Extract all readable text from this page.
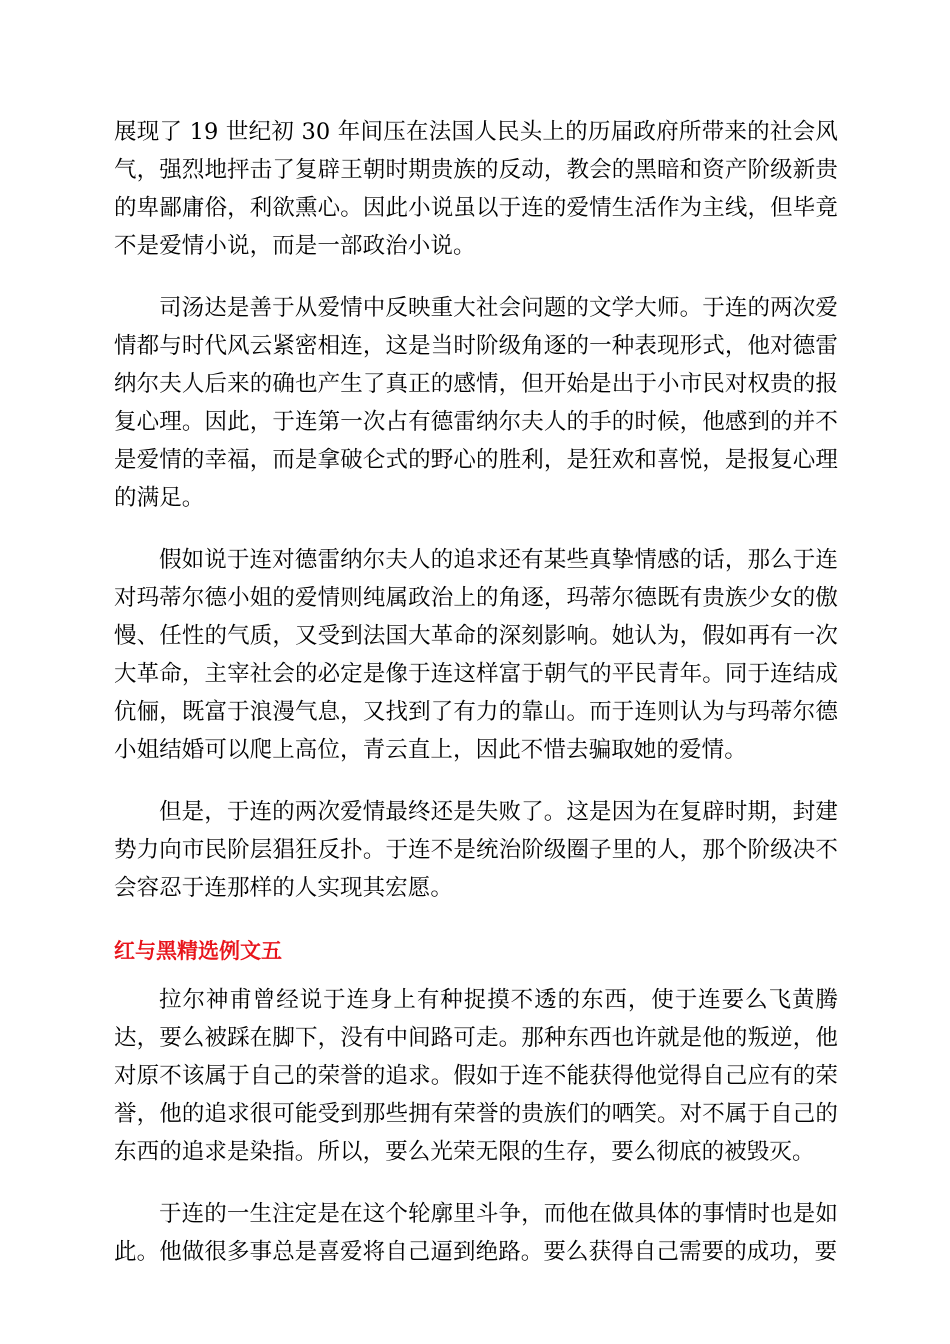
展现了 19 世纪初 30 年间压在法国人民头上的历届政府所带来的社会风气，强烈地抨击了复辟王朝时期贵族的反动，教会的黑暗和资产阶级新贵的卑鄙庸俗，利欲熏心。因此小说虽以于连的爱情生活作为主线，但毕竟不是爱情小说，而是一部政治小说。

司汤达是善于从爱情中反映重大社会问题的文学大师。于连的两次爱情都与时代风云紧密相连，这是当时阶级角逐的一种表现形式，他对德雷纳尔夫人后来的确也产生了真正的感情，但开始是出于小市民对权贵的报复心理。因此，于连第一次占有德雷纳尔夫人的手的时候，他感到的并不是爱情的幸福，而是拿破仑式的野心的胜利，是狂欢和喜悦，是报复心理的满足。

假如说于连对德雷纳尔夫人的追求还有某些真挚情感的话，那么于连对玛蒂尔德小姐的爱情则纯属政治上的角逐，玛蒂尔德既有贵族少女的傲慢、任性的气质，又受到法国大革命的深刻影响。她认为，假如再有一次大革命，主宰社会的必定是像于连这样富于朝气的平民青年。同于连结成伉俪，既富于浪漫气息，又找到了有力的靠山。而于连则认为与玛蒂尔德小姐结婚可以爬上高位，青云直上，因此不惜去骗取她的爱情。

但是，于连的两次爱情最终还是失败了。这是因为在复辟时期，封建势力向市民阶层猖狂反扑。于连不是统治阶级圈子里的人，那个阶级决不会容忍于连那样的人实现其宏愿。

红与黑精选例文五

拉尔神甫曾经说于连身上有种捉摸不透的东西，使于连要么飞黄腾达，要么被踩在脚下，没有中间路可走。那种东西也许就是他的叛逆，他对原不该属于自己的荣誉的追求。假如于连不能获得他觉得自己应有的荣誉，他的追求很可能受到那些拥有荣誉的贵族们的哂笑。对不属于自己的东西的追求是染指。所以，要么光荣无限的生存，要么彻底的被毁灭。

于连的一生注定是在这个轮廓里斗争，而他在做具体的事情时也是如此。他做很多事总是喜爱将自己逼到绝路。要么获得自己需要的成功，要
